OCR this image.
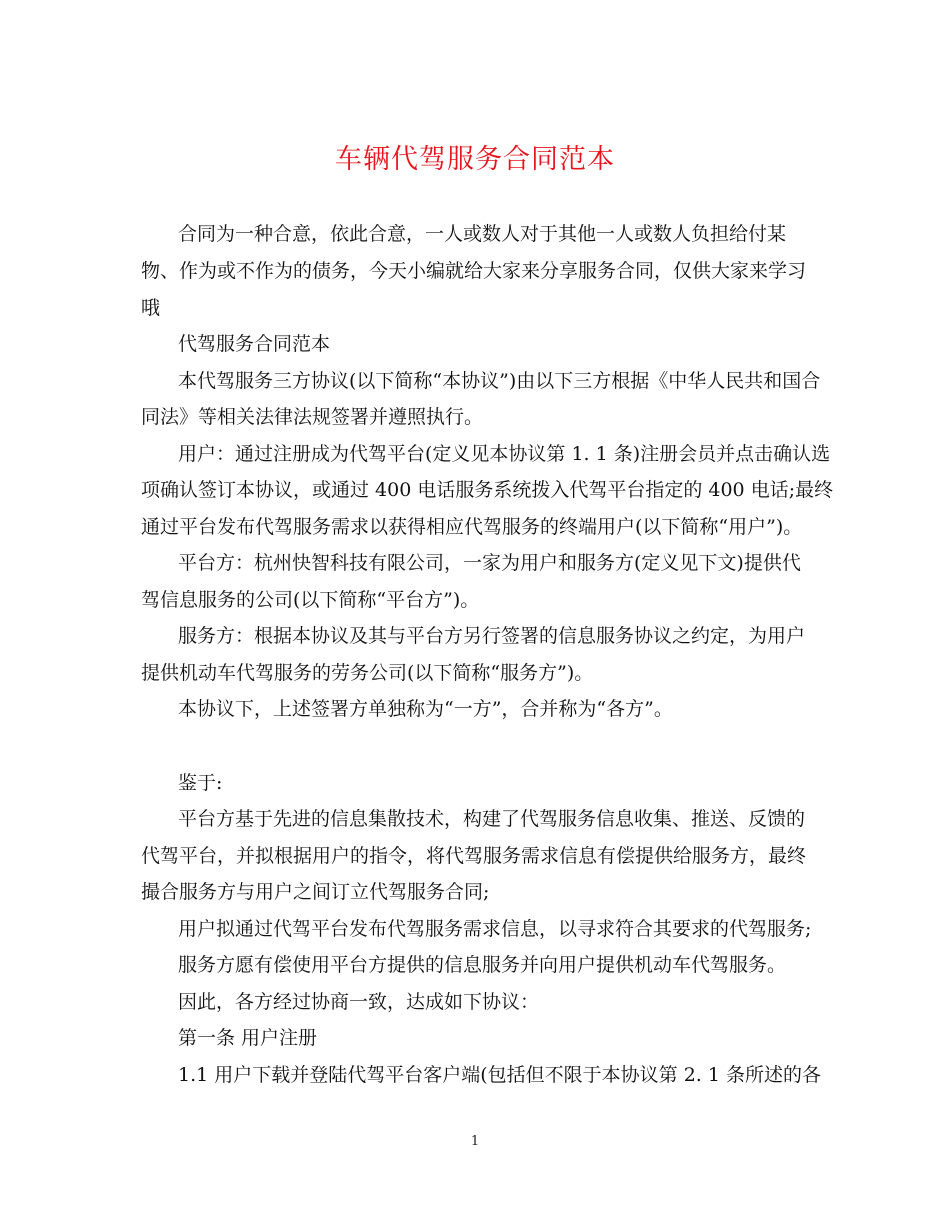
车辆代驾服务合同范本
合同为一种合意，依此合意，一人或数人对于其他一人或数人负担给付某
物、作为或不作为的债务，今天小编就给大家来分享服务合同，仅供大家来学习
哦
代驾服务合同范本
本代驾服务三方协议(以下简称“本协议”)由以下三方根据《中华人民共和国合
同法》等相关法律法规签署并遵照执行。
用户：通过注册成为代驾平台(定义见本协议第 1. 1 条)注册会员并点击确认选
项确认签订本协议，或通过 400 电话服务系统拨入代驾平台指定的 400 电话;最终
通过平台发布代驾服务需求以获得相应代驾服务的终端用户(以下简称“用户”)。
平台方：杭州快智科技有限公司，一家为用户和服务方(定义见下文)提供代
驾信息服务的公司(以下简称“平台方”)。
服务方：根据本协议及其与平台方另行签署的信息服务协议之约定，为用户
提供机动车代驾服务的劳务公司(以下简称“服务方”)。
本协议下，上述签署方单独称为“一方”，合并称为“各方”。
鉴于:
平台方基于先进的信息集散技术，构建了代驾服务信息收集、推送、反馈的
代驾平台，并拟根据用户的指令，将代驾服务需求信息有偿提供给服务方，最终
撮合服务方与用户之间订立代驾服务合同;
用户拟通过代驾平台发布代驾服务需求信息，以寻求符合其要求的代驾服务;
服务方愿有偿使用平台方提供的信息服务并向用户提供机动车代驾服务。
因此，各方经过协商一致，达成如下协议：
第一条 用户注册
1.1 用户下载并登陆代驾平台客户端(包括但不限于本协议第 2. 1 条所述的各
1
